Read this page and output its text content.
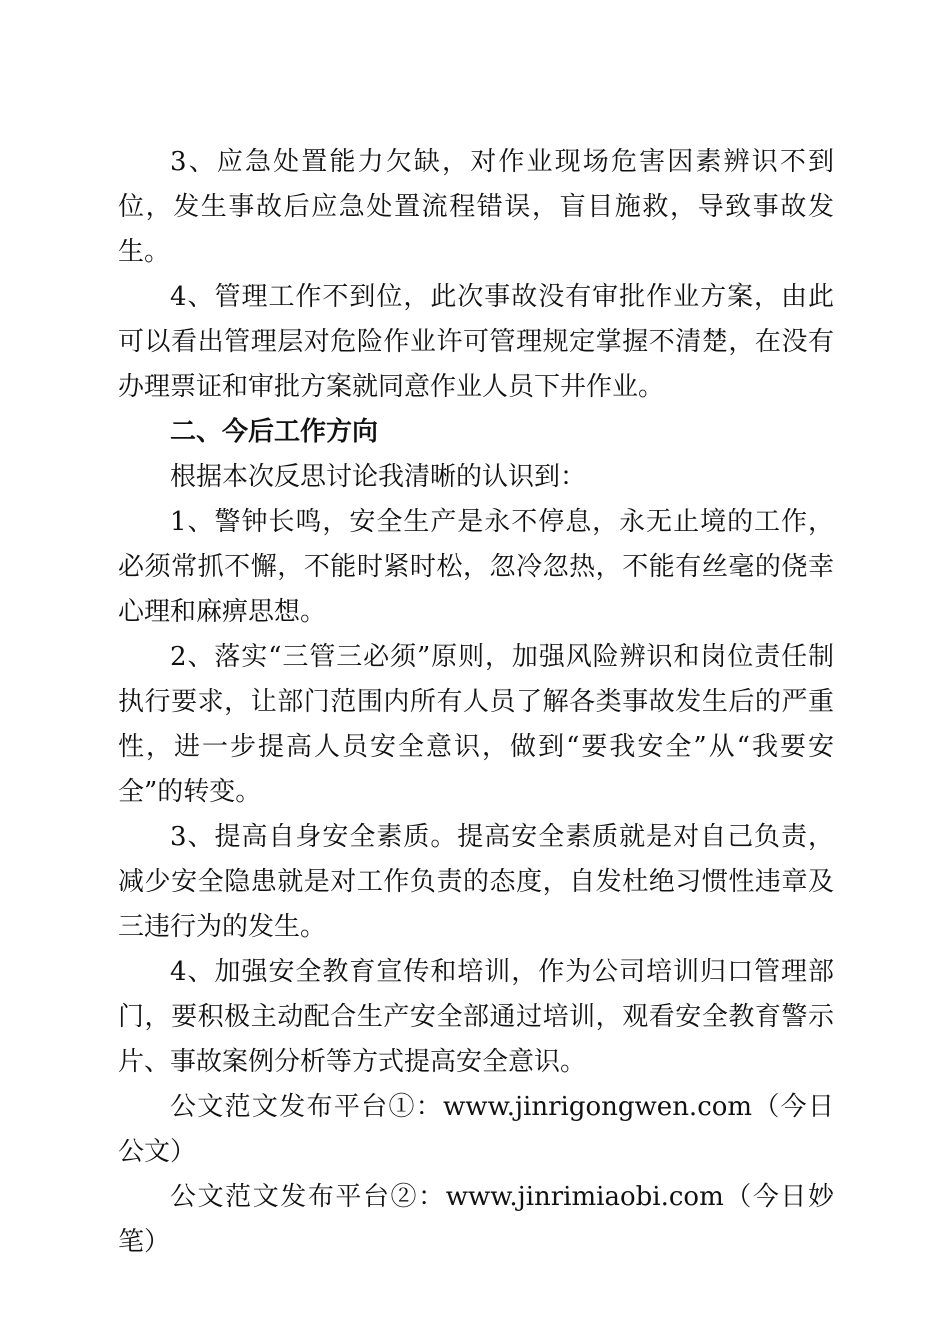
3、应急处置能力欠缺，对作业现场危害因素辨识不到位，发生事故后应急处置流程错误，盲目施救，导致事故发生。

4、管理工作不到位，此次事故没有审批作业方案，由此可以看出管理层对危险作业许可管理规定掌握不清楚，在没有办理票证和审批方案就同意作业人员下井作业。

二、今后工作方向

根据本次反思讨论我清晰的认识到：

1、警钟长鸣，安全生产是永不停息，永无止境的工作，必须常抓不懈，不能时紧时松，忽冷忽热，不能有丝毫的侥幸心理和麻痹思想。

2、落实“三管三必须”原则，加强风险辨识和岗位责任制执行要求，让部门范围内所有人员了解各类事故发生后的严重性，进一步提高人员安全意识，做到“要我安全”从“我要安全”的转变。

3、提高自身安全素质。提高安全素质就是对自己负责，减少安全隐患就是对工作负责的态度，自发杜绝习惯性违章及三违行为的发生。

4、加强安全教育宣传和培训，作为公司培训归口管理部门，要积极主动配合生产安全部通过培训，观看安全教育警示片、事故案例分析等方式提高安全意识。

公文范文发布平台①：www.jinrigongwen.com（今日公文）

公文范文发布平台②：www.jinrimiaobi.com（今日妙笔）
